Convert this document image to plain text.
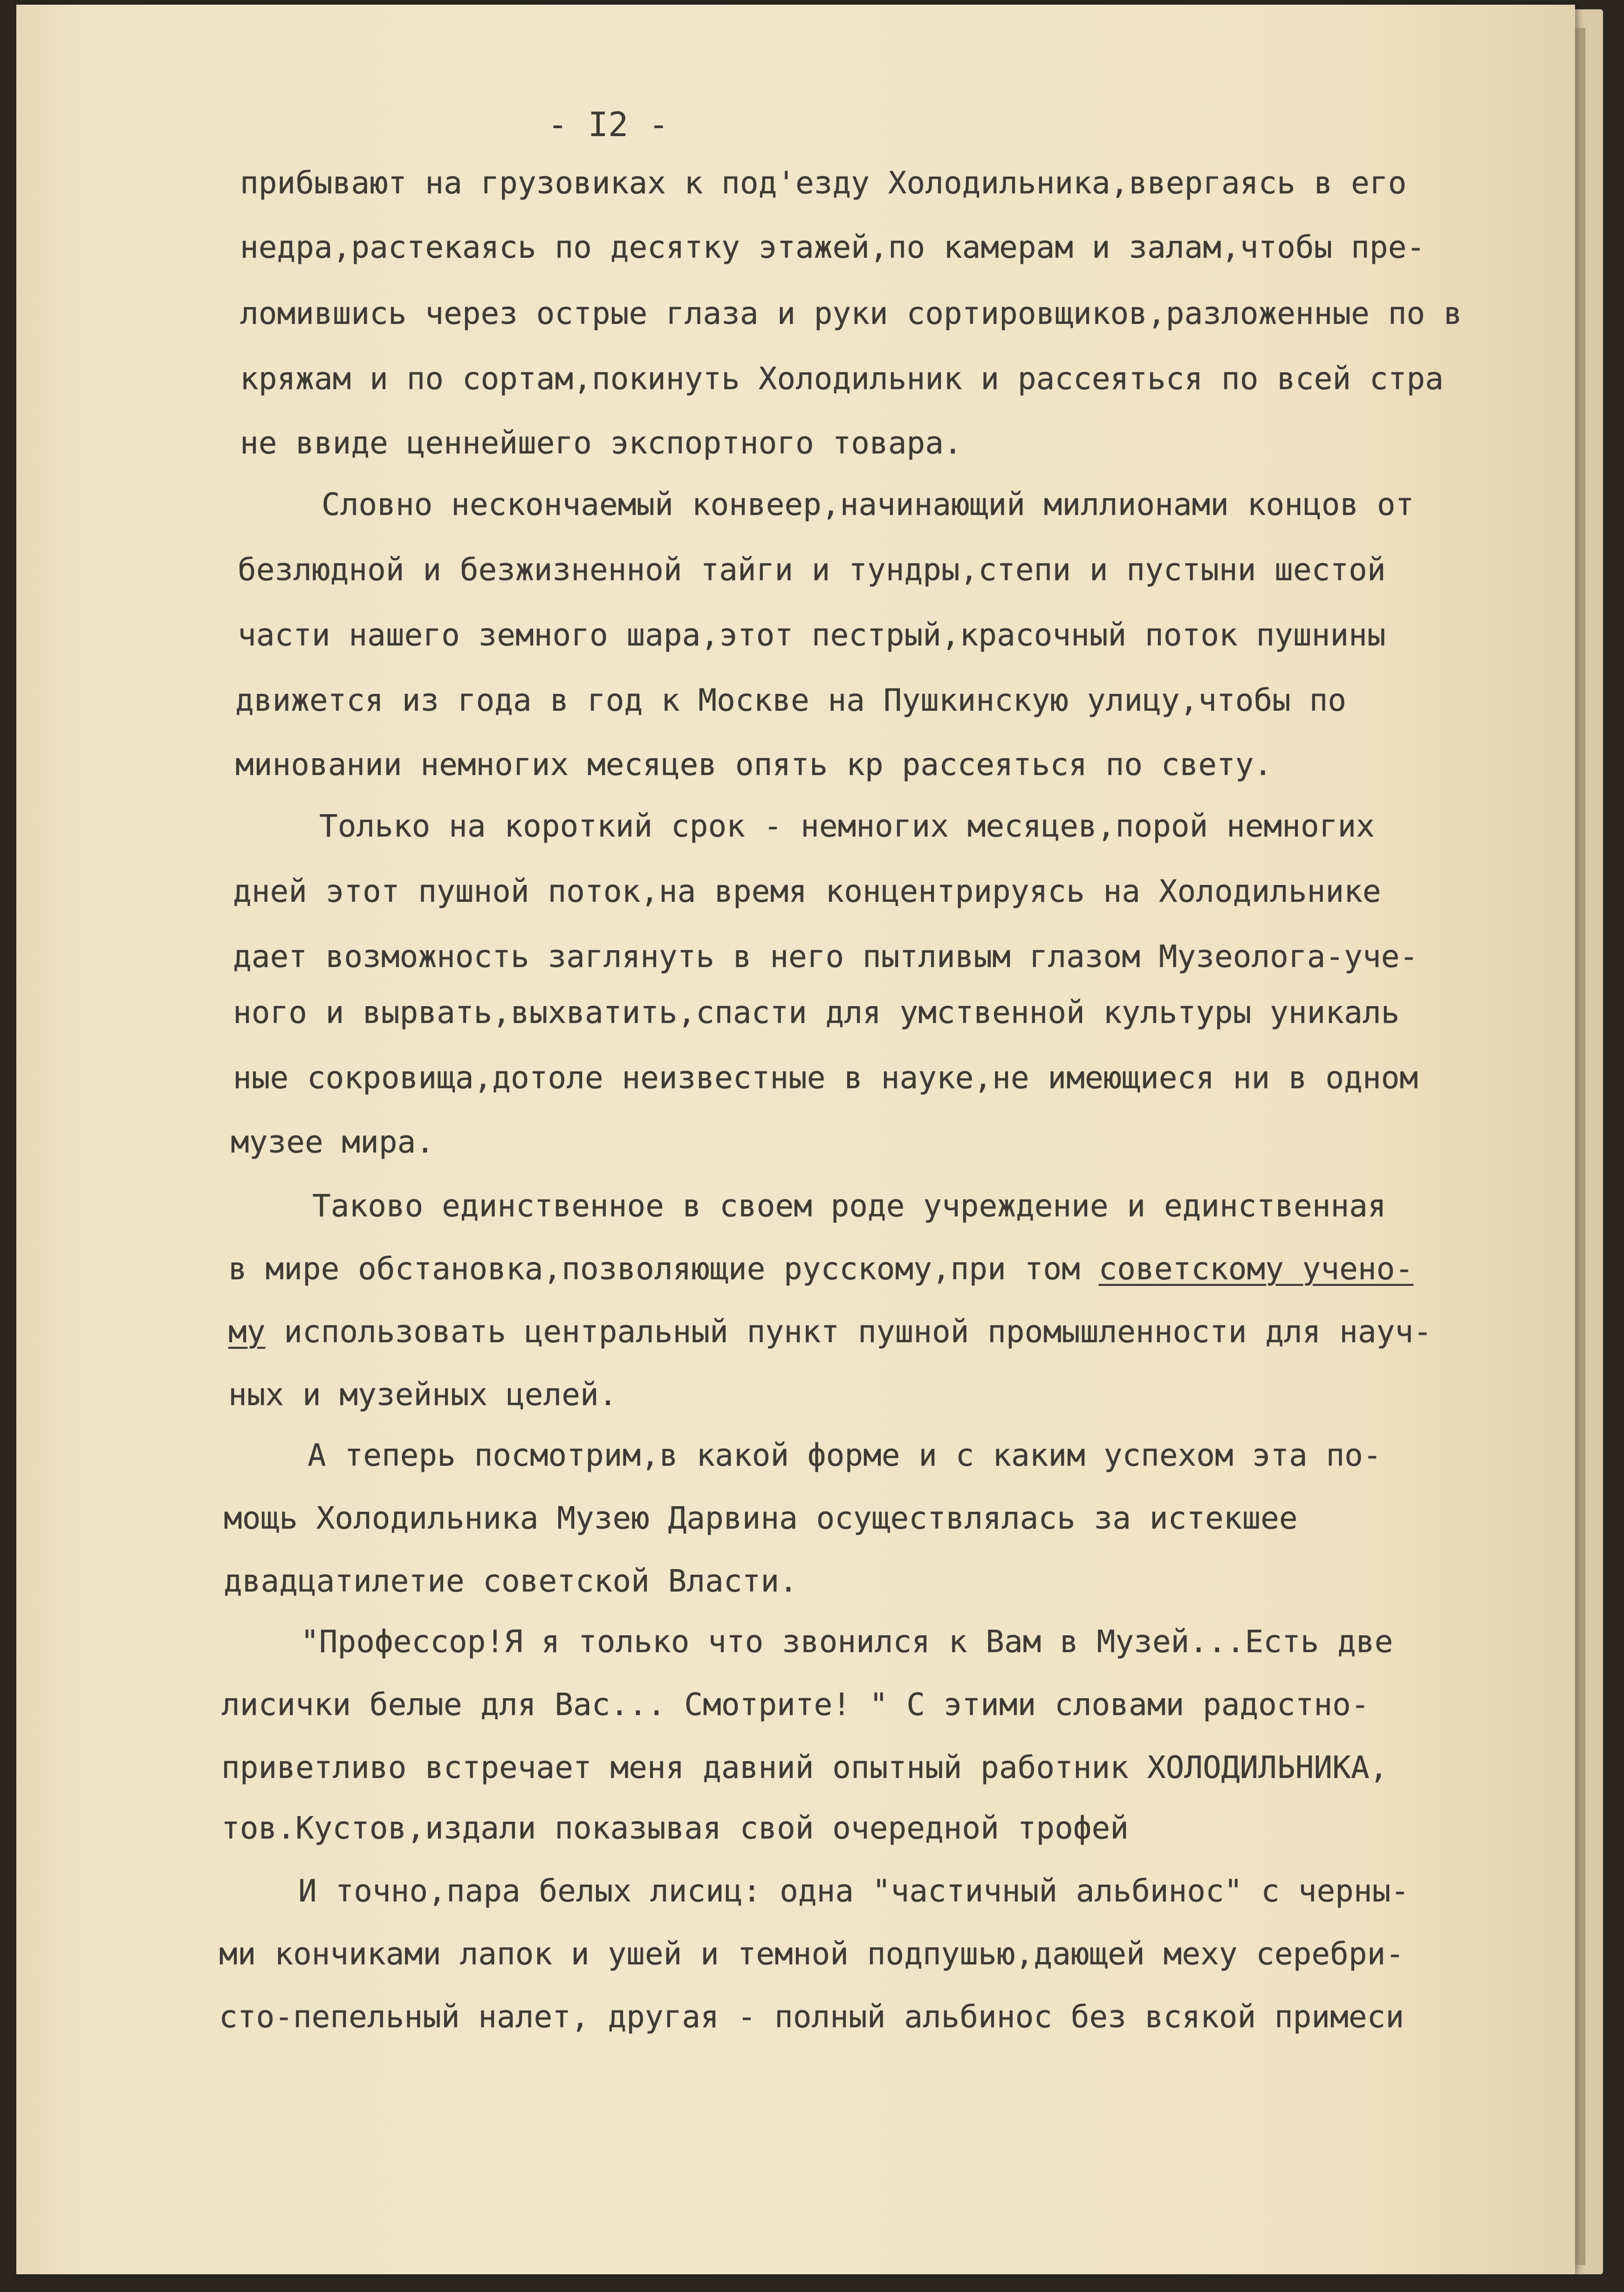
- I2 -
прибывают на грузовиках к под'езду Холодильника,ввергаясь в его
недра,растекаясь по десятку этажей,по камерам и залам,чтобы пре-
ломившись через острые глаза и руки сортировщиков,разложенные по в
кряжам и по сортам,покинуть Холодильник и рассеяться по всей стра
не ввиде ценнейшего экспортного товара.
Словно нескончаемый конвеер,начинающий миллионами концов от
безлюдной и безжизненной тайги и тундры,степи и пустыни шестой
части нашего земного шара,этот пестрый,красочный поток пушнины
движется из года в год к Москве на Пушкинскую улицу,чтобы по
миновании немногих месяцев опять кр рассеяться по свету.
Только на короткий срок - немногих месяцев,порой немногих
дней этот пушной поток,на время концентрируясь на Холодильнике
дает возможность заглянуть в него пытливым глазом Музеолога-уче-
ного и вырвать,выхватить,спасти для умственной культуры уникаль
ные сокровища,дотоле неизвестные в науке,не имеющиеся ни в одном
музее мира.
Таково единственное в своем роде учреждение и единственная
в мире обстановка,позволяющие русскому,при том советскому учено-
му использовать центральный пункт пушной промышленности для науч-
ных и музейных целей.
А теперь посмотрим,в какой форме и с каким успехом эта по-
мощь Холодильника Музею Дарвина осуществлялась за истекшее
двадцатилетие советской Власти.
"Профессор!Я я только что звонился к Вам в Музей...Есть две
лисички белые для Вас... Смотрите! " С этими словами радостно-
приветливо встречает меня давний опытный работник ХОЛОДИЛЬНИКА,
тов.Кустов,издали показывая свой очередной трофей
И точно,пара белых лисиц: одна "частичный альбинос" с черны-
ми кончиками лапок и ушей и темной подпушью,дающей меху серебри-
сто-пепельный налет, другая - полный альбинос без всякой примеси
